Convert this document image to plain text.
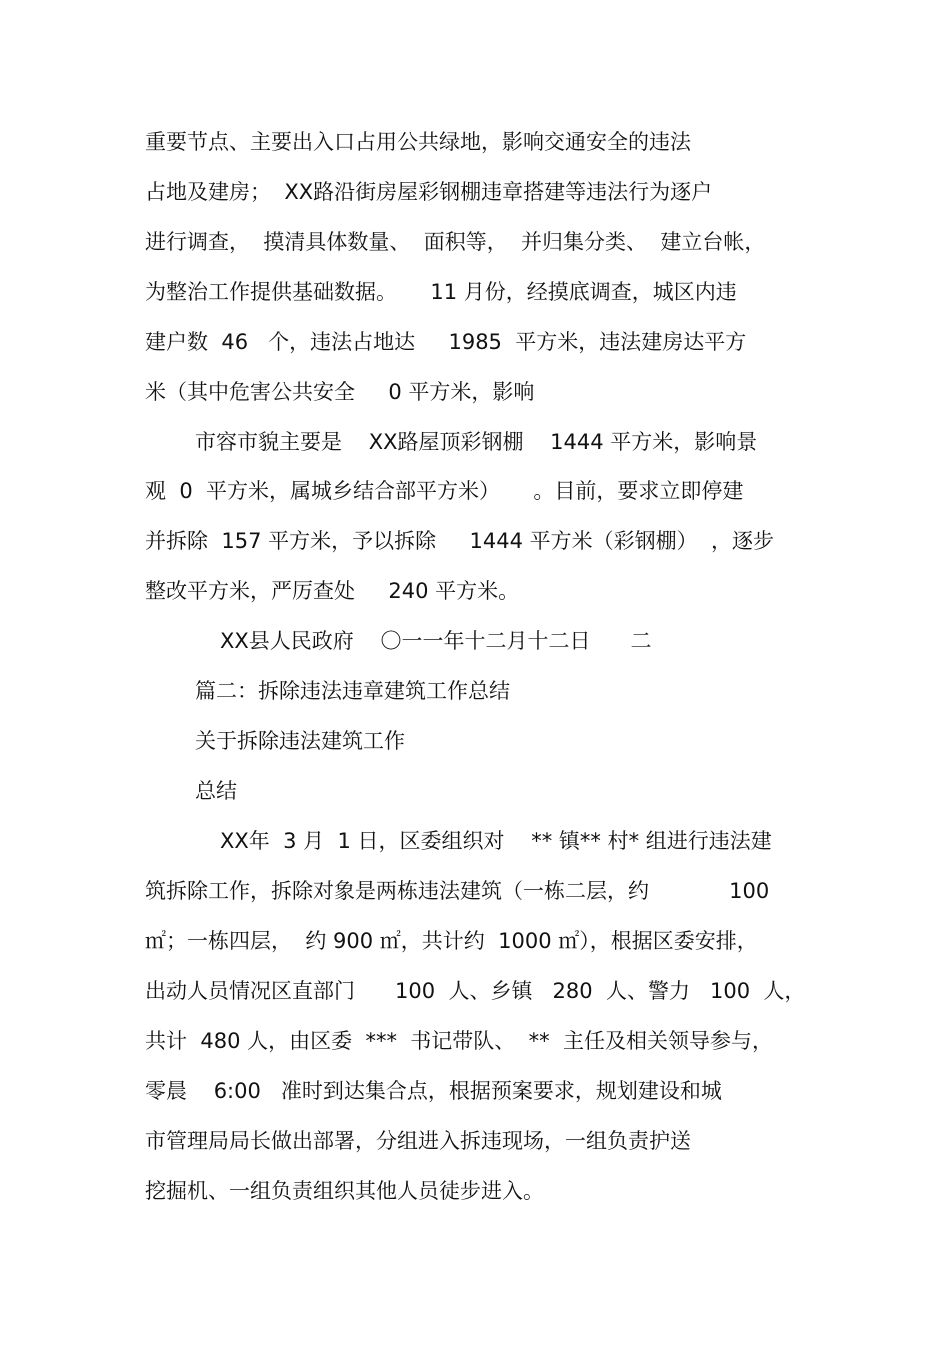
重要节点、主要出入口占用公共绿地，影响交通安全的违法
占地及建房；  XX路沿街房屋彩钢棚违章搭建等违法行为逐户
进行调查，  摸清具体数量、  面积等，  并归集分类、  建立台帐，
为整治工作提供基础数据。     11 月份，经摸底调查，城区内违
建户数  46   个，违法占地达     1985  平方米，违法建房达平方
米（其中危害公共安全     0 平方米，影响
市容市貌主要是    XX路屋顶彩钢棚    1444 平方米，影响景
观  0  平方米，属城乡结合部平方米）     。目前，要求立即停建
并拆除  157 平方米，予以拆除     1444 平方米（彩钢棚）  ，逐步
整改平方米，严厉查处     240 平方米。
XX县人民政府    〇一一年十二月十二日      二
篇二：拆除违法违章建筑工作总结
关于拆除违法建筑工作
总结
XX年  3 月  1 日，区委组织对    ** 镇** 村* 组进行违法建
筑拆除工作，拆除对象是两栋违法建筑（一栋二层，约            100
㎡；一栋四层，  约 900 ㎡，共计约  1000 ㎡），根据区委安排，
出动人员情况区直部门      100  人、乡镇   280  人、警力   100  人，
共计  480 人，由区委  ***  书记带队、  **  主任及相关领导参与，
零晨    6:00   准时到达集合点，根据预案要求，规划建设和城
市管理局局长做出部署，分组进入拆违现场，一组负责护送
挖掘机、一组负责组织其他人员徒步进入。
